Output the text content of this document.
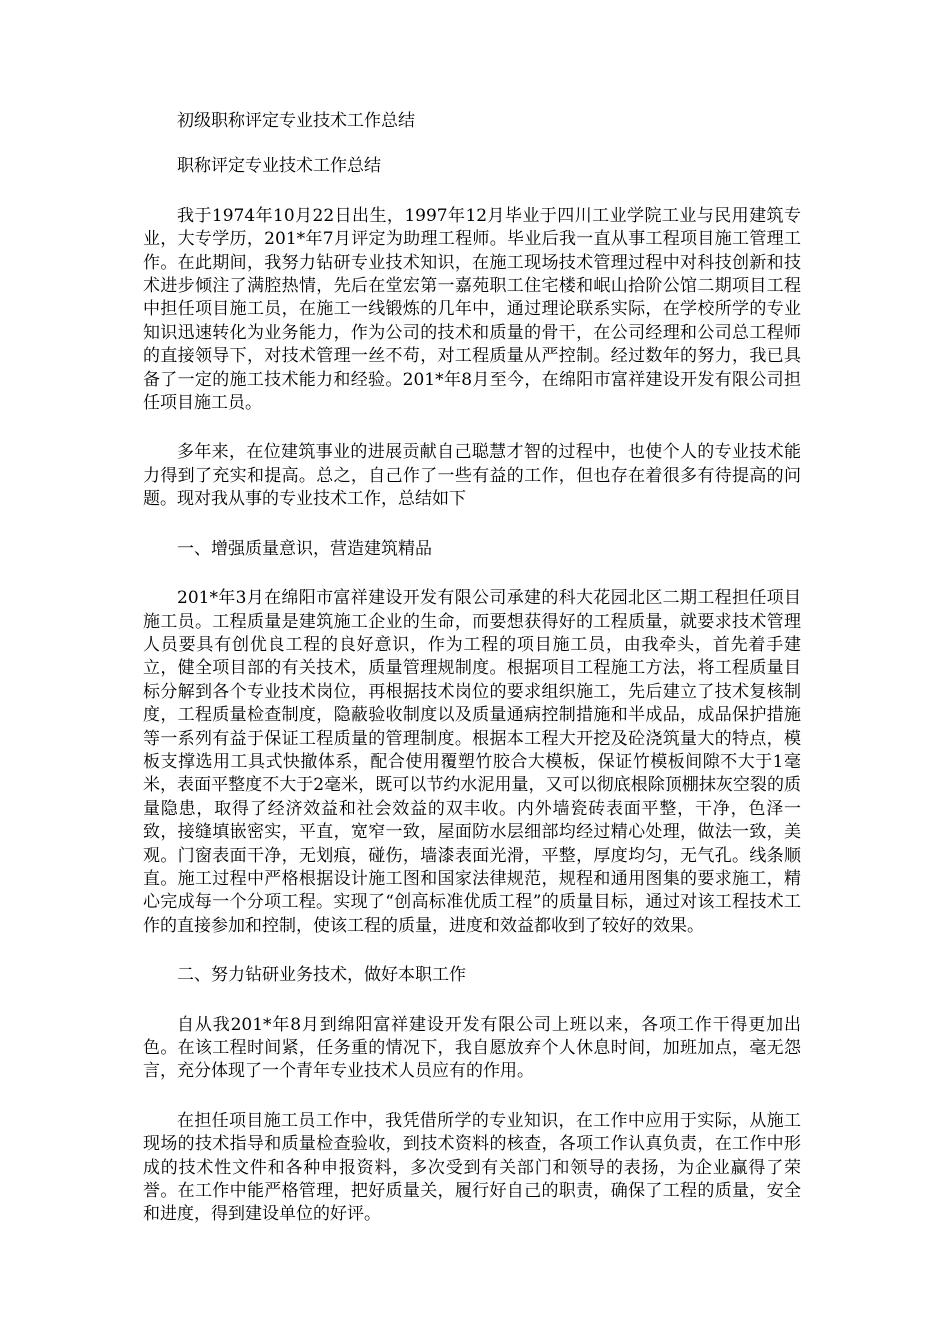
初级职称评定专业技术工作总结

职称评定专业技术工作总结

我于1974年10月22日出生，1997年12月毕业于四川工业学院工业与民用建筑专业，大专学历，201*年7月评定为助理工程师。毕业后我一直从事工程项目施工管理工作。在此期间，我努力钻研专业技术知识，在施工现场技术管理过程中对科技创新和技术进步倾注了满腔热情，先后在堂宏第一嘉苑职工住宅楼和岷山拾阶公馆二期项目工程中担任项目施工员，在施工一线锻炼的几年中，通过理论联系实际，在学校所学的专业知识迅速转化为业务能力，作为公司的技术和质量的骨干，在公司经理和公司总工程师的直接领导下，对技术管理一丝不苟，对工程质量从严控制。经过数年的努力，我已具备了一定的施工技术能力和经验。201*年8月至今，在绵阳市富祥建设开发有限公司担任项目施工员。

多年来，在位建筑事业的进展贡献自己聪慧才智的过程中，也使个人的专业技术能力得到了充实和提高。总之，自己作了一些有益的工作，但也存在着很多有待提高的问题。现对我从事的专业技术工作，总结如下

一、增强质量意识，营造建筑精品

201*年3月在绵阳市富祥建设开发有限公司承建的科大花园北区二期工程担任项目施工员。工程质量是建筑施工企业的生命，而要想获得好的工程质量，就要求技术管理人员要具有创优良工程的良好意识，作为工程的项目施工员，由我牵头，首先着手建立，健全项目部的有关技术，质量管理规制度。根据项目工程施工方法，将工程质量目标分解到各个专业技术岗位，再根据技术岗位的要求组织施工，先后建立了技术复核制度，工程质量检查制度，隐蔽验收制度以及质量通病控制措施和半成品，成品保护措施等一系列有益于保证工程质量的管理制度。根据本工程大开挖及砼浇筑量大的特点，模板支撑选用工具式快撤体系，配合使用覆塑竹胶合大模板，保证竹模板间隙不大于1毫米，表面平整度不大于2毫米，既可以节约水泥用量，又可以彻底根除顶棚抹灰空裂的质量隐患，取得了经济效益和社会效益的双丰收。内外墙瓷砖表面平整，干净，色泽一致，接缝填嵌密实，平直，宽窄一致，屋面防水层细部均经过精心处理，做法一致，美观。门窗表面干净，无划痕，碰伤，墙漆表面光滑，平整，厚度均匀，无气孔。线条顺直。施工过程中严格根据设计施工图和国家法律规范，规程和通用图集的要求施工，精心完成每一个分项工程。实现了“创高标准优质工程”的质量目标，通过对该工程技术工作的直接参加和控制，使该工程的质量，进度和效益都收到了较好的效果。

二、努力钻研业务技术，做好本职工作

自从我201*年8月到绵阳富祥建设开发有限公司上班以来，各项工作干得更加出色。在该工程时间紧，任务重的情况下，我自愿放弃个人休息时间，加班加点，毫无怨言，充分体现了一个青年专业技术人员应有的作用。

在担任项目施工员工作中，我凭借所学的专业知识，在工作中应用于实际，从施工现场的技术指导和质量检查验收，到技术资料的核查，各项工作认真负责，在工作中形成的技术性文件和各种申报资料，多次受到有关部门和领导的表扬，为企业赢得了荣誉。在工作中能严格管理，把好质量关，履行好自己的职责，确保了工程的质量，安全和进度，得到建设单位的好评。
